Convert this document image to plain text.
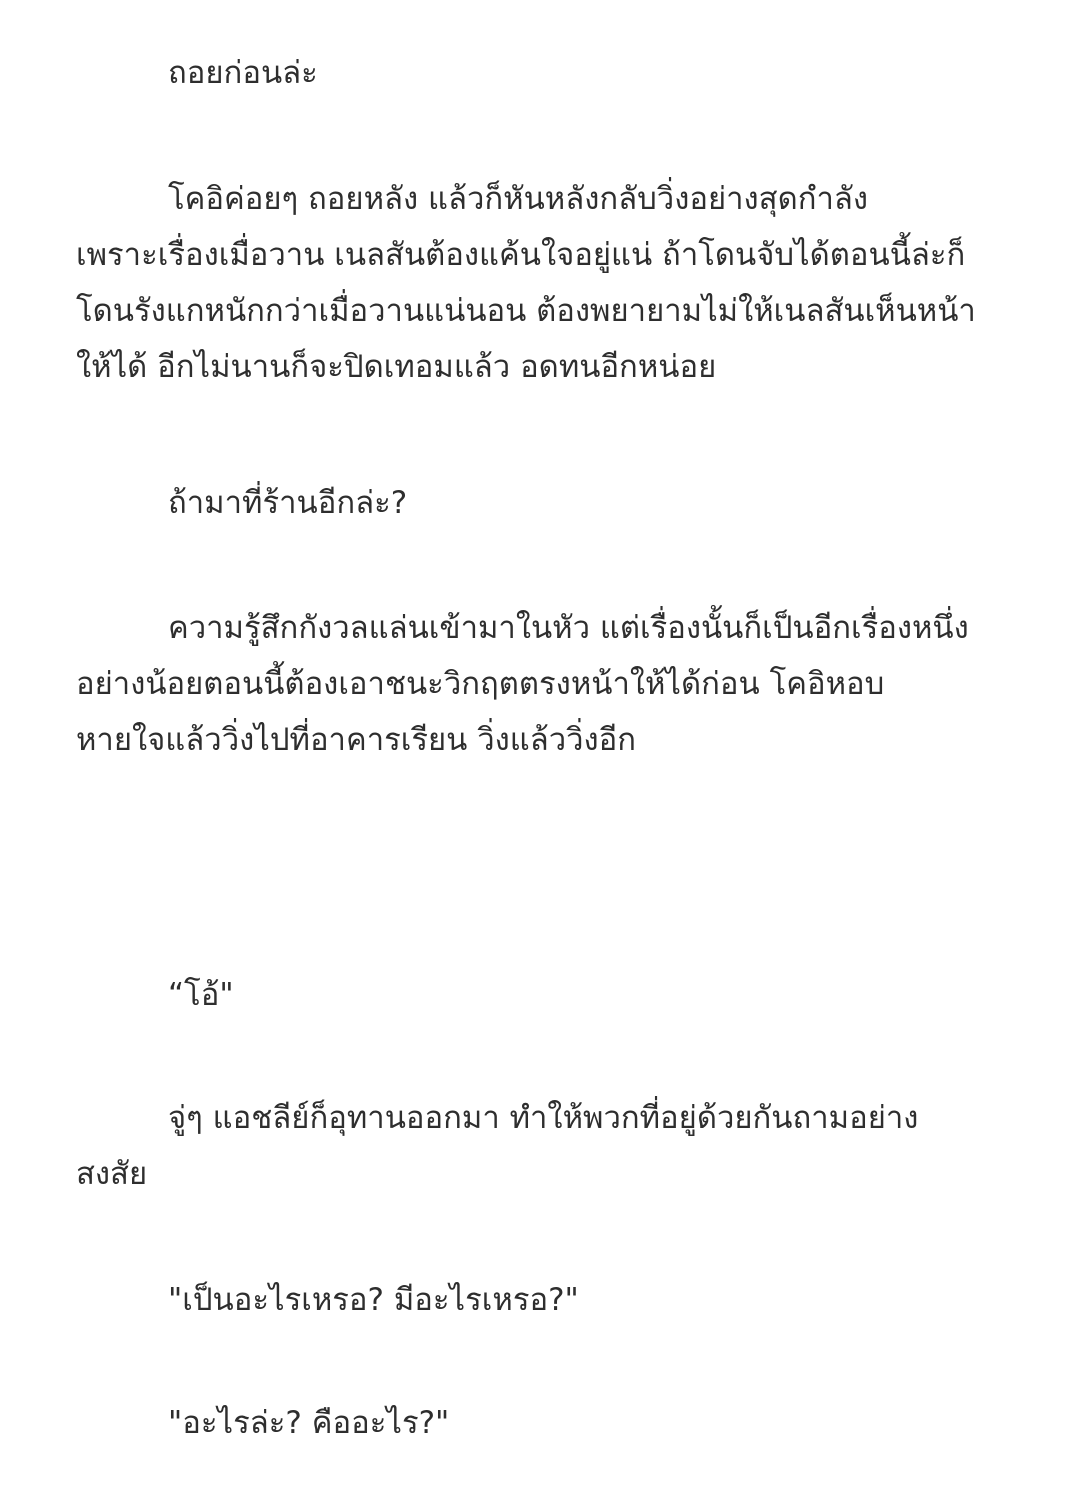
ถอยก่อนล่ะ
โคอิค่อยๆ ถอยหลัง แล้วก็หันหลังกลับวิ่งอย่างสุดกำลัง
เพราะเรื่องเมื่อวาน เนลสันต้องแค้นใจอยู่แน่ ถ้าโดนจับได้ตอนนี้ล่ะก็
โดนรังแกหนักกว่าเมื่อวานแน่นอน ต้องพยายามไม่ให้เนลสันเห็นหน้า
ให้ได้ อีกไม่นานก็จะปิดเทอมแล้ว อดทนอีกหน่อย
ถ้ามาที่ร้านอีกล่ะ?
ความรู้สึกกังวลแล่นเข้ามาในหัว แต่เรื่องนั้นก็เป็นอีกเรื่องหนึ่ง
อย่างน้อยตอนนี้ต้องเอาชนะวิกฤตตรงหน้าให้ได้ก่อน โคอิหอบ
หายใจแล้ววิ่งไปที่อาคารเรียน วิ่งแล้ววิ่งอีก
“โอ้"
จู่ๆ แอชลีย์ก็อุทานออกมา ทำให้พวกที่อยู่ด้วยกันถามอย่าง
สงสัย
"เป็นอะไรเหรอ? มีอะไรเหรอ?"
"อะไรล่ะ? คืออะไร?"
